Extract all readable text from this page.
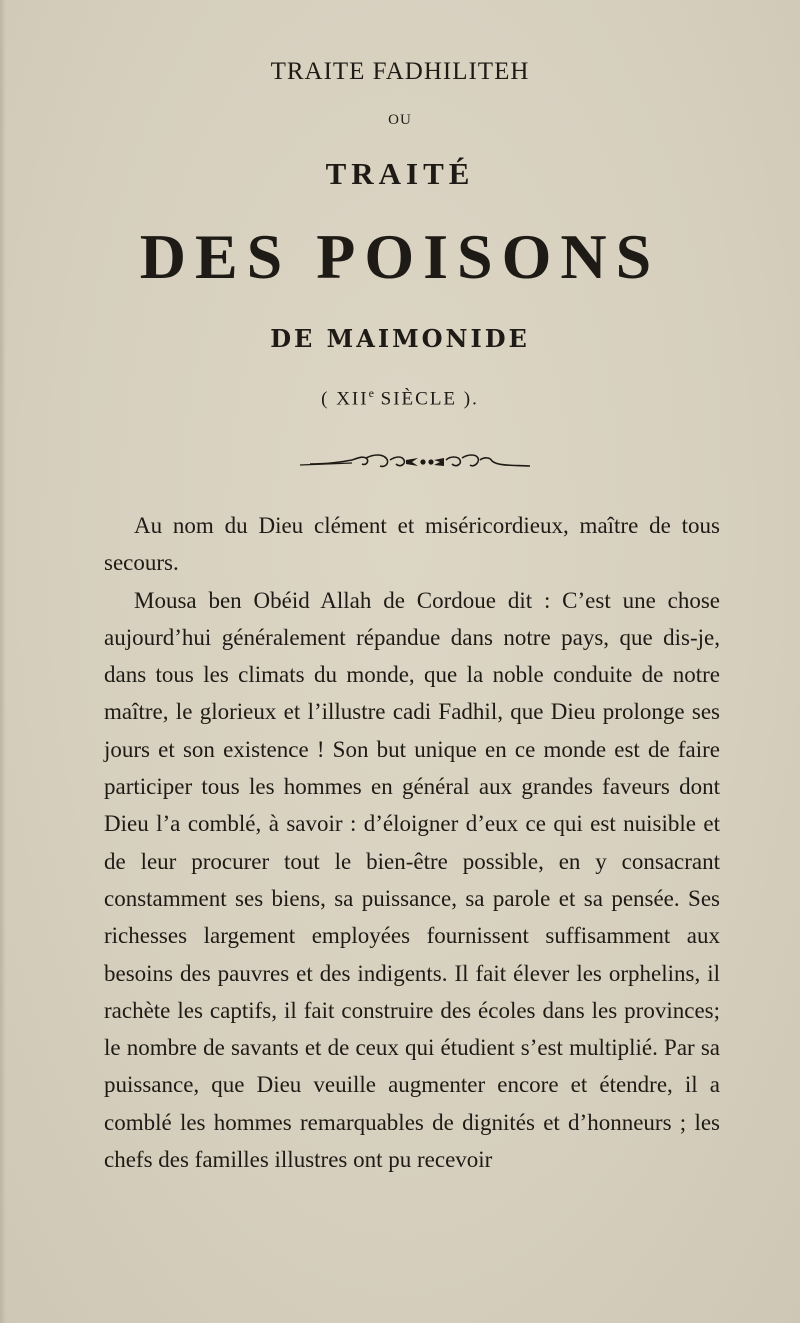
TRAITE FADHILITEH
OU
TRAITÉ
DES POISONS
DE MAIMONIDE
( XIIe SIÈCLE ).

Au nom du Dieu clément et miséricordieux, maître de tous secours.

Mousa ben Obéid Allah de Cordoue dit : C’est une chose aujourd’hui généralement répandue dans notre pays, que dis-je, dans tous les climats du monde, que la noble conduite de notre maître, le glorieux et l’illustre cadi Fadhil, que Dieu prolonge ses jours et son existence ! Son but unique en ce monde est de faire participer tous les hommes en général aux grandes faveurs dont Dieu l’a comblé, à savoir : d’éloigner d’eux ce qui est nuisible et de leur procurer tout le bien-être possible, en y consacrant constamment ses biens, sa puissance, sa parole et sa pensée. Ses richesses largement employées fournissent suffisamment aux besoins des pauvres et des indigents. Il fait élever les orphelins, il rachète les captifs, il fait construire des écoles dans les provinces; le nombre de savants et de ceux qui étudient s’est multiplié. Par sa puissance, que Dieu veuille augmenter encore et étendre, il a comblé les hommes remarquables de dignités et d’honneurs ; les chefs des familles illustres ont pu recevoir
